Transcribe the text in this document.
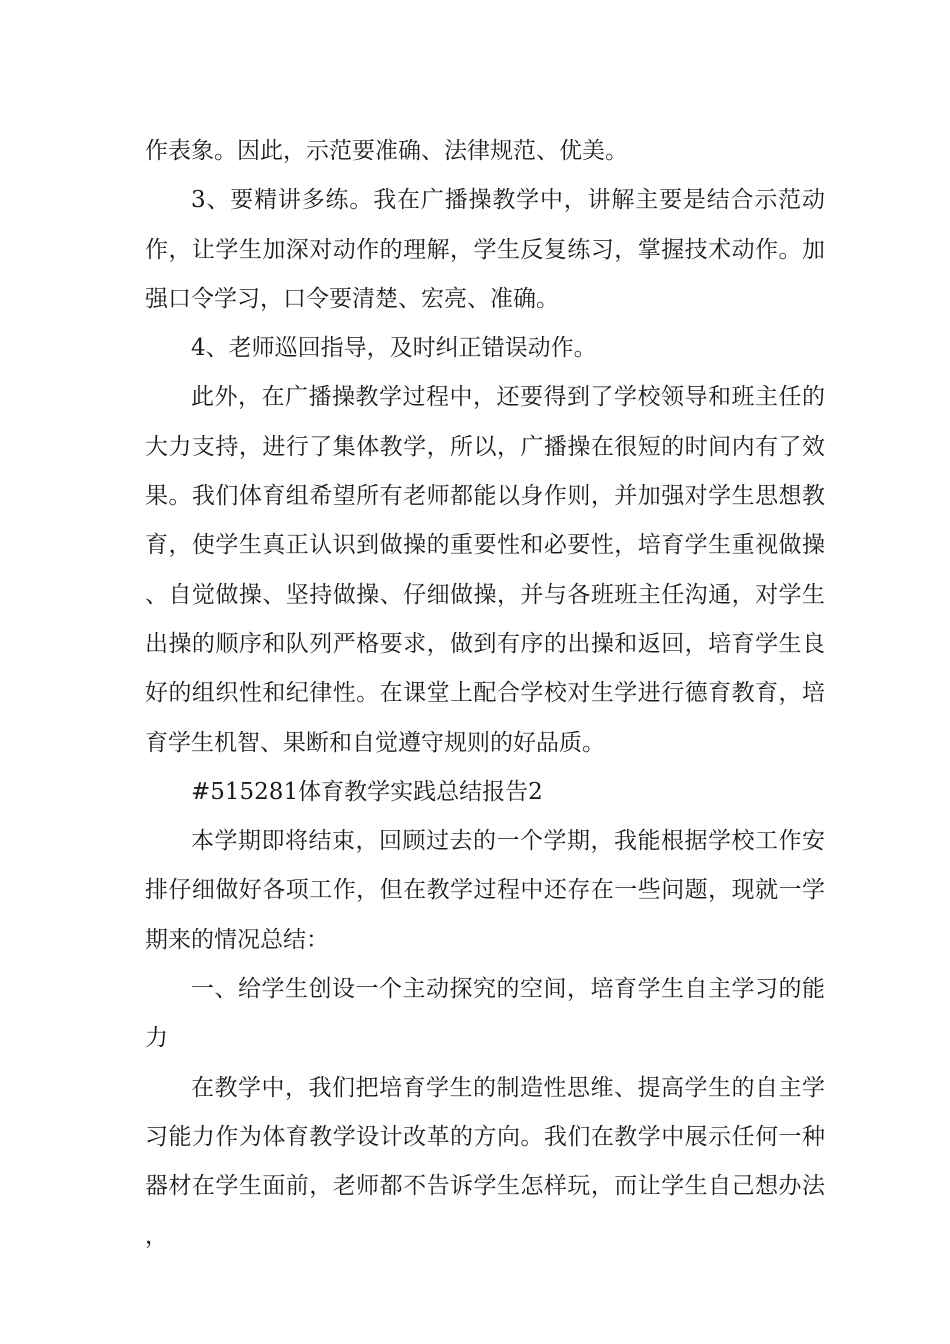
作表象。因此，示范要准确、法律规范、优美。

3、要精讲多练。我在广播操教学中，讲解主要是结合示范动作，让学生加深对动作的理解，学生反复练习，掌握技术动作。加强口令学习，口令要清楚、宏亮、准确。

4、老师巡回指导，及时纠正错误动作。

此外，在广播操教学过程中，还要得到了学校领导和班主任的大力支持，进行了集体教学，所以，广播操在很短的时间内有了效果。我们体育组希望所有老师都能以身作则，并加强对学生思想教育，使学生真正认识到做操的重要性和必要性，培育学生重视做操、自觉做操、坚持做操、仔细做操，并与各班班主任沟通，对学生出操的顺序和队列严格要求，做到有序的出操和返回，培育学生良好的组织性和纪律性。在课堂上配合学校对生学进行德育教育，培育学生机智、果断和自觉遵守规则的好品质。

#515281体育教学实践总结报告2

本学期即将结束，回顾过去的一个学期，我能根据学校工作安排仔细做好各项工作，但在教学过程中还存在一些问题，现就一学期来的情况总结：

一、给学生创设一个主动探究的空间，培育学生自主学习的能力

在教学中，我们把培育学生的制造性思维、提高学生的自主学习能力作为体育教学设计改革的方向。我们在教学中展示任何一种器材在学生面前，老师都不告诉学生怎样玩，而让学生自己想办法，
